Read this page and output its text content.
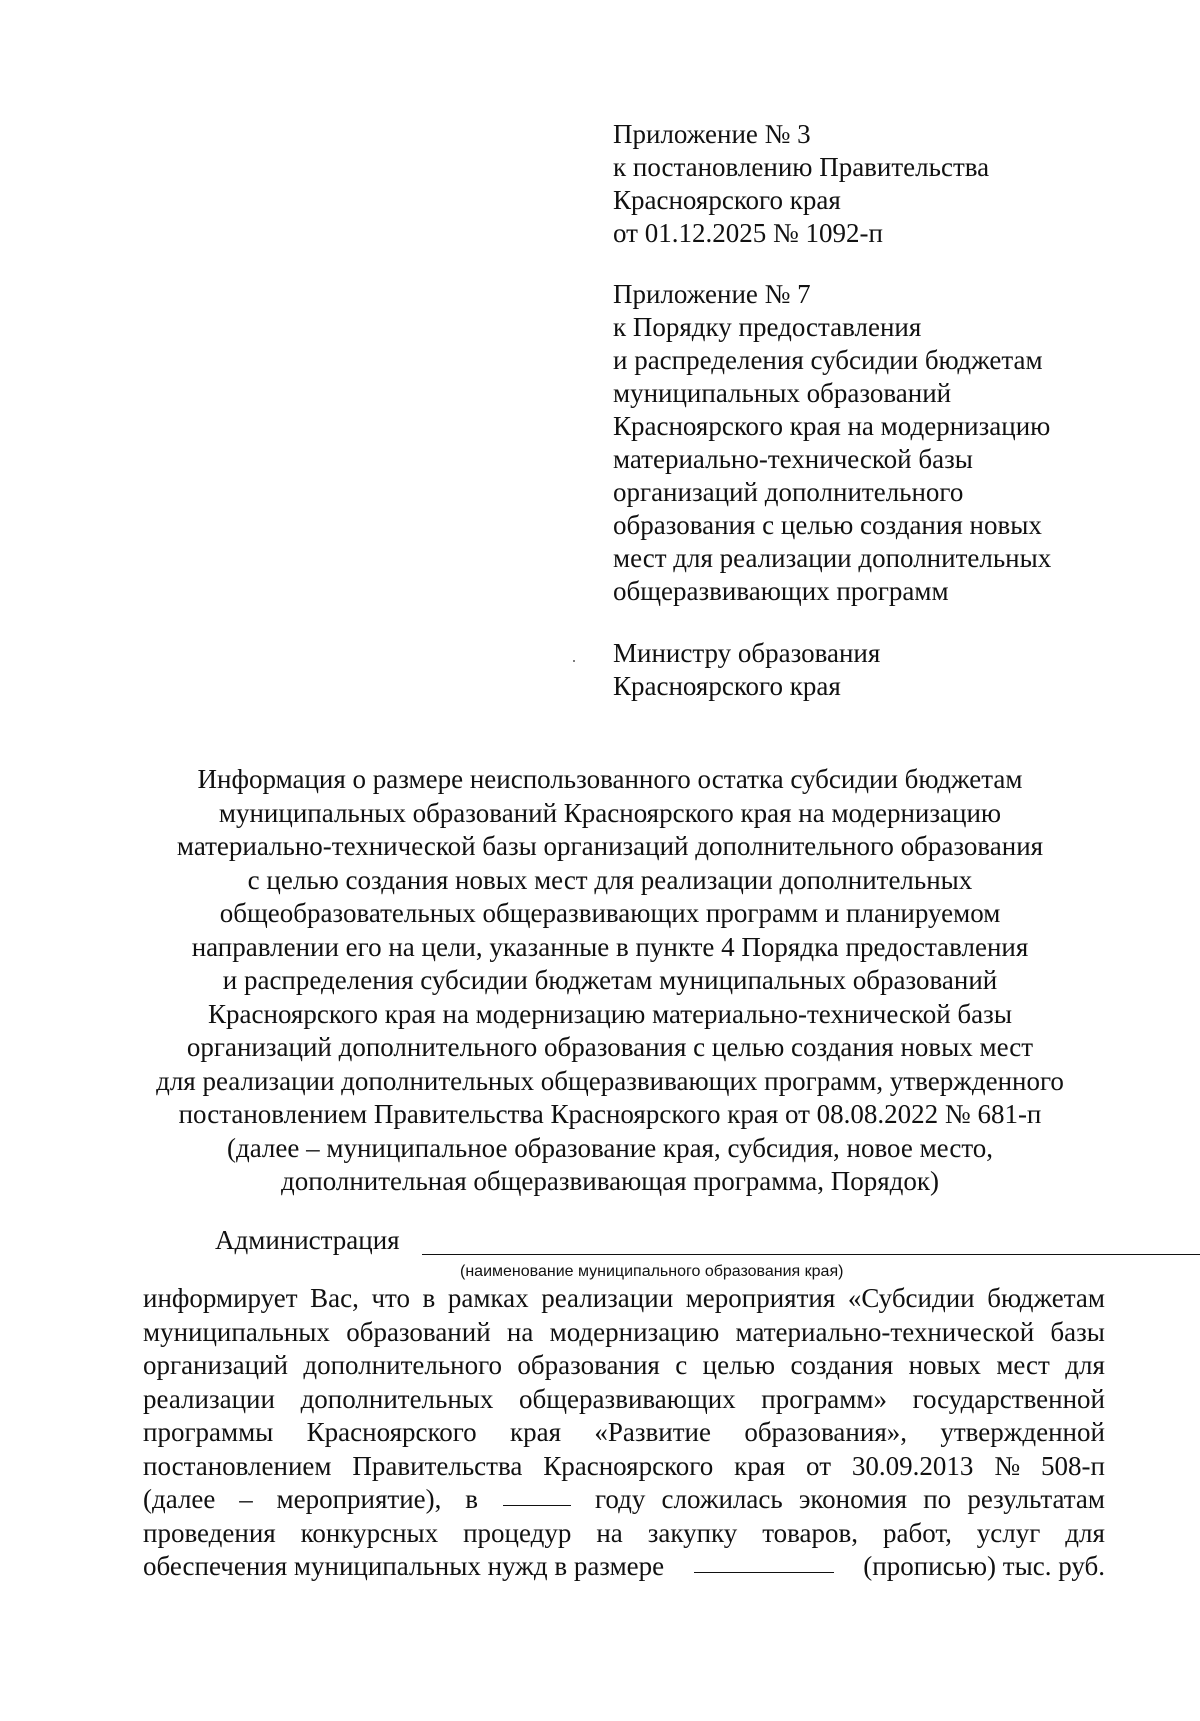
Приложение № 3
к постановлению Правительства
Красноярского края
от 01.12.2025 № 1092-п
Приложение № 7
к Порядку предоставления
и распределения субсидии бюджетам
муниципальных образований
Красноярского края на модернизацию
материально-технической базы
организаций дополнительного
образования с целью создания новых
мест для реализации дополнительных
общеразвивающих программ
Министру образования
Красноярского края
Информация о размере неиспользованного остатка субсидии бюджетам
муниципальных образований Красноярского края на модернизацию
материально-технической базы организаций дополнительного образования
с целью создания новых мест для реализации дополнительных
общеобразовательных общеразвивающих программ и планируемом
направлении его на цели, указанные в пункте 4 Порядка предоставления
и распределения субсидии бюджетам муниципальных образований
Красноярского края на модернизацию материально-технической базы
организаций дополнительного образования с целью создания новых мест
для реализации дополнительных общеразвивающих программ, утвержденного
постановлением Правительства Красноярского края от 08.08.2022 № 681-п
(далее – муниципальное образование края, субсидия, новое место,
дополнительная общеразвивающая программа, Порядок)
Администрация
(наименование муниципального образования края)
информирует Вас, что в рамках реализации мероприятия «Субсидии бюджетам
муниципальных образований на модернизацию материально-технической базы
организаций дополнительного образования с целью создания новых мест для
реализации дополнительных общеразвивающих программ» государственной
программы Красноярского края «Развитие образования», утвержденной
постановлением Правительства Красноярского края от 30.09.2013 № 508-п
(далее – мероприятие), в	году сложилась экономия по результатам
проведения конкурсных процедур на закупку товаров, работ, услуг для
обеспечения муниципальных нужд в размере	(прописью) тыс. руб.
